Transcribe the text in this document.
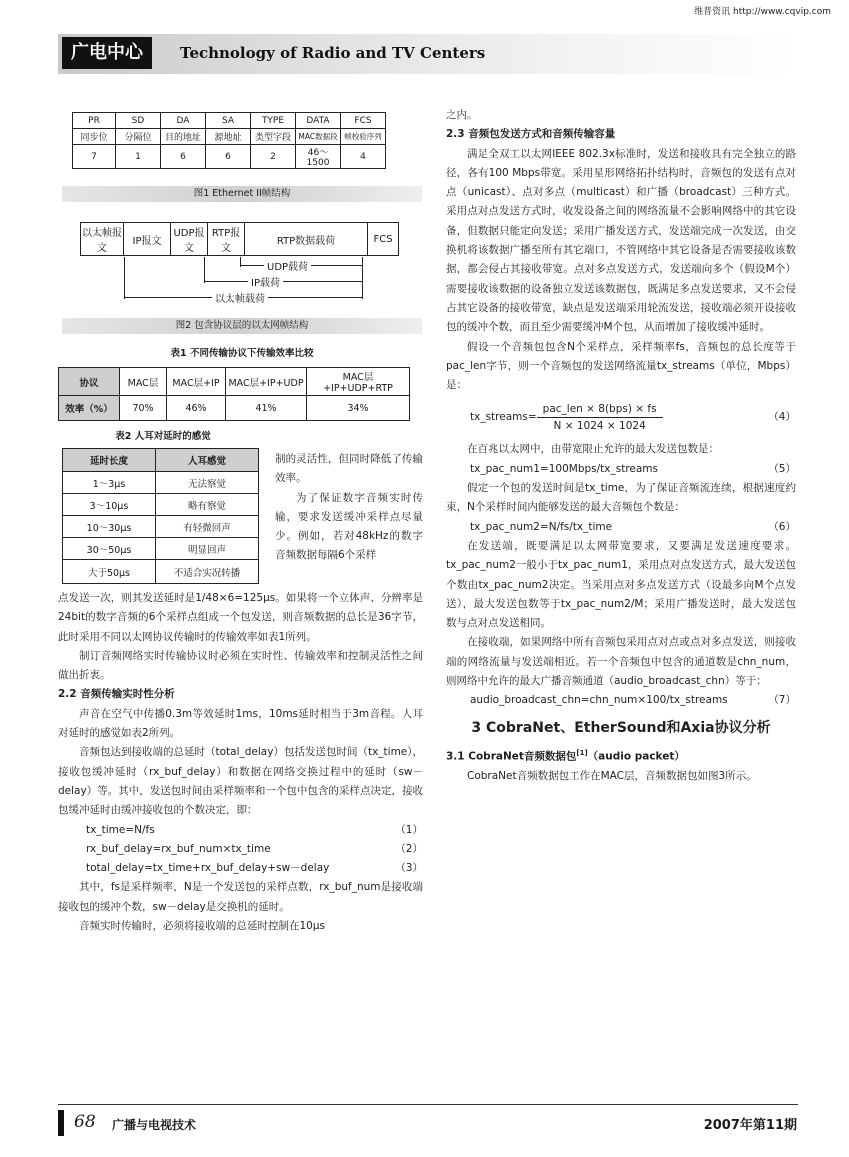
维普资讯 http://www.cqvip.com
广电中心	Technology of Radio and TV Centers
PR	SD	DA	SA	TYPE	DATA	FCS
同步位	分隔位	目的地址	源地址	类型字段	MAC数据段	帧校验序列
7	1	6	6	2	46～1500	4
图1 Ethernet II帧结构
以太帧报文	IP报文	UDP报文	RTP报文	RTP数据载荷	FCS
UDP载荷
IP载荷
以太帧载荷
图2 包含协议层的以太网帧结构
表1 不同传输协议下传输效率比较
协议	MAC层	MAC层+IP	MAC层+IP+UDP	MAC层+IP+UDP+RTP
效率（%）	70%	46%	41%	34%
表2 人耳对延时的感觉
延时长度	人耳感觉
1～3μs	无法察觉
3～10μs	略有察觉
10～30μs	有轻微回声
30～50μs	明显回声
大于50μs	不适合实况转播

制的灵活性，但同时降低了传输效率。

为了保证数字音频实时传输，要求发送缓冲采样点尽量少。例如，若对48kHz的数字音频数据每隔6个采样

点发送一次，则其发送延时是1/48×6=125μs。如果将一个立体声、分辨率是24bit的数字音频的6个采样点组成一个包发送，则音频数据的总长是36字节，此时采用不同以太网协议传输时的传输效率如表1所列。

制订音频网络实时传输协议时必须在实时性、传输效率和控制灵活性之间做出折衷。

2.2 音频传输实时性分析

声音在空气中传播0.3m等效延时1ms，10ms延时相当于3m音程。人耳对延时的感觉如表2所列。

音频包达到接收端的总延时（total_delay）包括发送包时间（tx_time），接收包缓冲延时（rx_buf_delay）和数据在网络交换过程中的延时（sw－delay）等。其中，发送包时间由采样频率和一个包中包含的采样点决定，接收包缓冲延时由缓冲接收包的个数决定，即：

tx_time=N/fs	（1）
rx_buf_delay=rx_buf_num×tx_time	（2）
total_delay=tx_time+rx_buf_delay+sw－delay	（3）

其中，fs是采样频率，N是一个发送包的采样点数，rx_buf_num是接收端接收包的缓冲个数，sw－delay是交换机的延时。

音频实时传输时，必须将接收端的总延时控制在10μs

之内。

2.3 音频包发送方式和音频传输容量

满足全双工以太网IEEE 802.3x标准时，发送和接收具有完全独立的路径，各有100 Mbps带宽。采用星形网络拓扑结构时，音频包的发送有点对点（unicast）、点对多点（multicast）和广播（broadcast）三种方式。采用点对点发送方式时，收发设备之间的网络流量不会影响网络中的其它设备，但数据只能定向发送；采用广播发送方式，发送端完成一次发送，由交换机将该数据广播至所有其它端口，不管网络中其它设备是否需要接收该数据，都会侵占其接收带宽。点对多点发送方式，发送端向多个（假设M个）需要接收该数据的设备独立发送该数据包，既满足多点发送要求，又不会侵占其它设备的接收带宽，缺点是发送端采用轮流发送，接收端必须开设接收包的缓冲个数，而且至少需要缓冲M个包，从而增加了接收缓冲延时。

假设一个音频包包含N个采样点，采样频率fs，音频包的总长度等于pac_len字节，则一个音频包的发送网络流量tx_streams（单位，Mbps）是：

tx_streams=
pac_len × 8(bps) × fs
N × 1024 × 1024
（4）

在百兆以太网中，由带宽限止允许的最大发送包数是：

tx_pac_num1=100Mbps/tx_streams	（5）

假定一个包的发送时间是tx_time，为了保证音频流连续，根据速度约束，N个采样时间内能够发送的最大音频包个数是：

tx_pac_num2=N/fs/tx_time	（6）

在发送端，既要满足以太网带宽要求，又要满足发送速度要求。tx_pac_num2一般小于tx_pac_num1，采用点对点发送方式，最大发送包个数由tx_pac_num2决定。当采用点对多点发送方式（设最多向M个点发送），最大发送包数等于tx_pac_num2/M；采用广播发送时，最大发送包数与点对点发送相同。

在接收端，如果网络中所有音频包采用点对点或点对多点发送，则接收端的网络流量与发送端相近。若一个音频包中包含的通道数是chn_num，则网络中允许的最大广播音频通道（audio_broadcast_chn）等于：

audio_broadcast_chn=chn_num×100/tx_streams	（7）

3 CobraNet、EtherSound和Axia协议分析

3.1 CobraNet音频数据包[1]（audio packet）

CobraNet音频数据包工作在MAC层，音频数据包如图3所示。

68 广播与电视技术	2007年第11期
